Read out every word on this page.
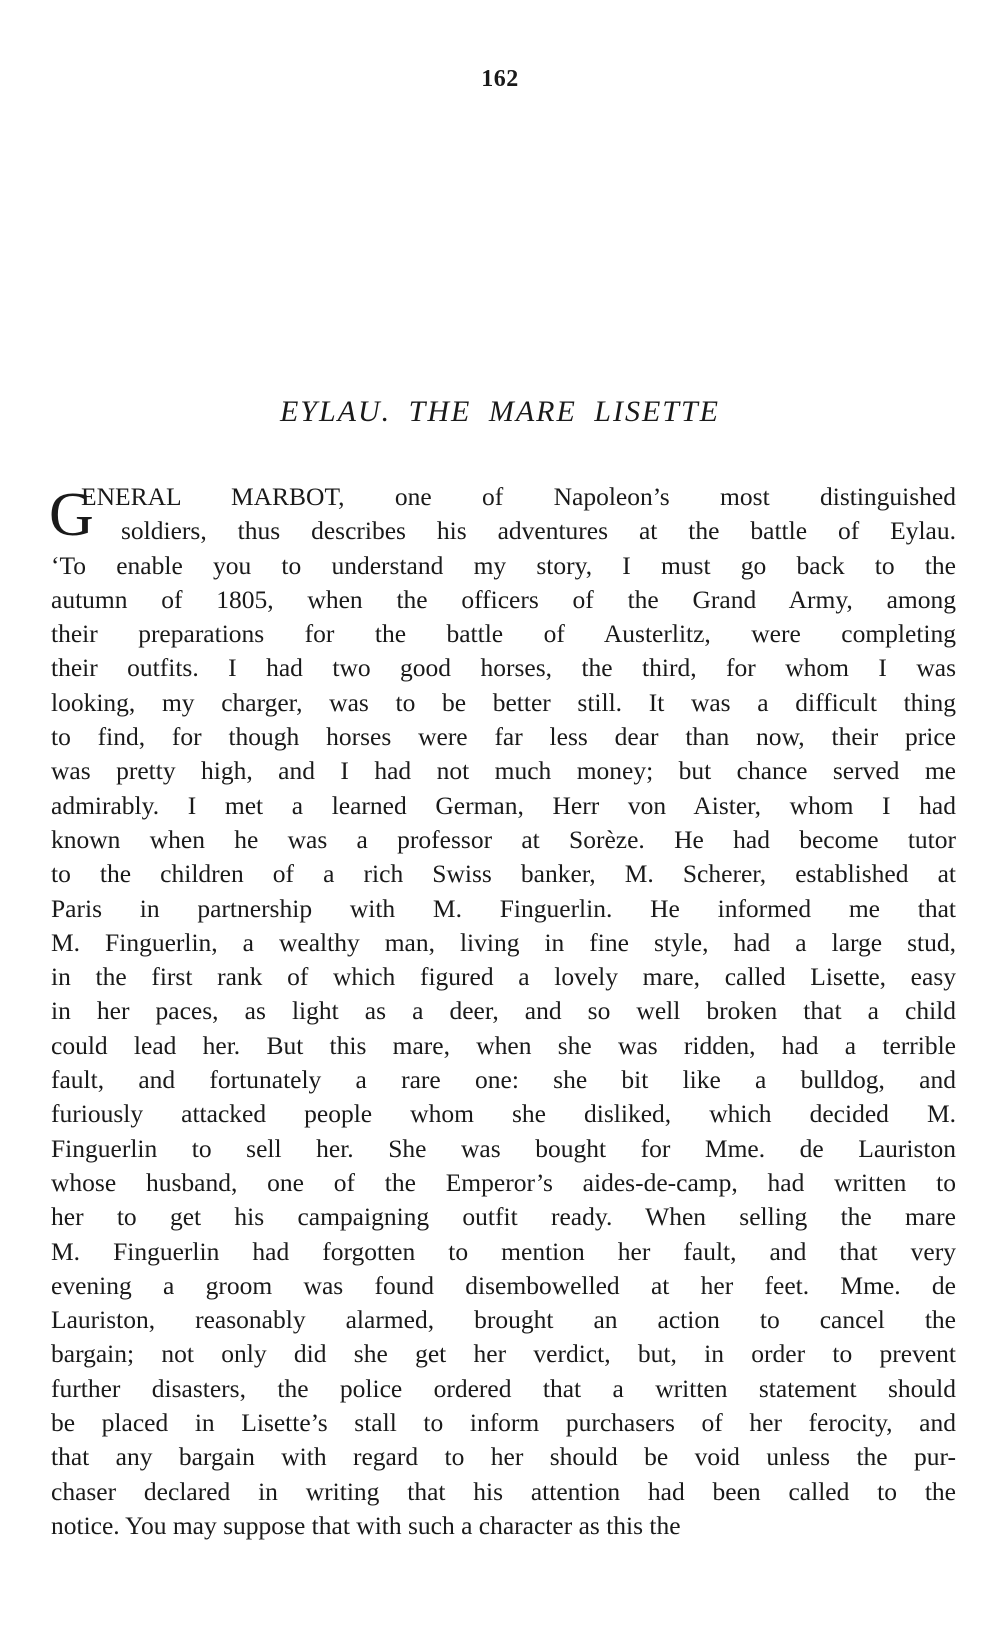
162
EYLAU. THE MARE LISETTE
G
ENERAL MARBOT, one of Napoleon’s most distinguished
soldiers, thus describes his adventures at the battle of Eylau.
‘To enable you to understand my story, I must go back to the
autumn of 1805, when the officers of the Grand Army, among
their preparations for the battle of Austerlitz, were completing
their outfits. I had two good horses, the third, for whom I was
looking, my charger, was to be better still. It was a difficult thing
to find, for though horses were far less dear than now, their price
was pretty high, and I had not much money; but chance served me
admirably. I met a learned German, Herr von Aister, whom I had
known when he was a professor at Sorèze. He had become tutor
to the children of a rich Swiss banker, M. Scherer, established at
Paris in partnership with M. Finguerlin. He informed me that
M. Finguerlin, a wealthy man, living in fine style, had a large stud,
in the first rank of which figured a lovely mare, called Lisette, easy
in her paces, as light as a deer, and so well broken that a child
could lead her. But this mare, when she was ridden, had a terrible
fault, and fortunately a rare one: she bit like a bulldog, and
furiously attacked people whom she disliked, which decided M.
Finguerlin to sell her. She was bought for Mme. de Lauriston
whose husband, one of the Emperor’s aides-de-camp, had written to
her to get his campaigning outfit ready. When selling the mare
M. Finguerlin had forgotten to mention her fault, and that very
evening a groom was found disembowelled at her feet. Mme. de
Lauriston, reasonably alarmed, brought an action to cancel the
bargain; not only did she get her verdict, but, in order to prevent
further disasters, the police ordered that a written statement should
be placed in Lisette’s stall to inform purchasers of her ferocity, and
that any bargain with regard to her should be void unless the pur-
chaser declared in writing that his attention had been called to the
notice. You may suppose that with such a character as this the
